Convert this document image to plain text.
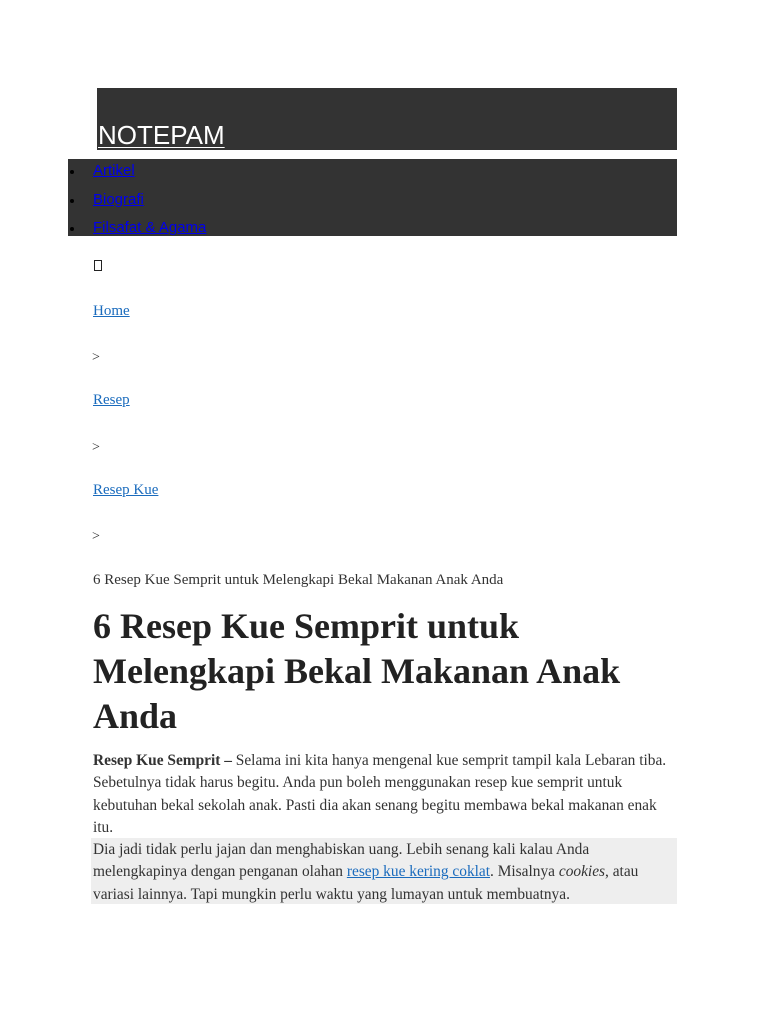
NOTEPAM
Artikel
Biografi
Filsafat & Agama
Home
>
Resep
>
Resep Kue
>
6 Resep Kue Semprit untuk Melengkapi Bekal Makanan Anak Anda
6 Resep Kue Semprit untuk Melengkapi Bekal Makanan Anak Anda

Resep Kue Semprit – Selama ini kita hanya mengenal kue semprit tampil kala Lebaran tiba. Sebetulnya tidak harus begitu. Anda pun boleh menggunakan resep kue semprit untuk kebutuhan bekal sekolah anak. Pasti dia akan senang begitu membawa bekal makanan enak itu.

Dia jadi tidak perlu jajan dan menghabiskan uang. Lebih senang kali kalau Anda melengkapinya dengan penganan olahan resep kue kering coklat. Misalnya cookies, atau variasi lainnya. Tapi mungkin perlu waktu yang lumayan untuk membuatnya.
